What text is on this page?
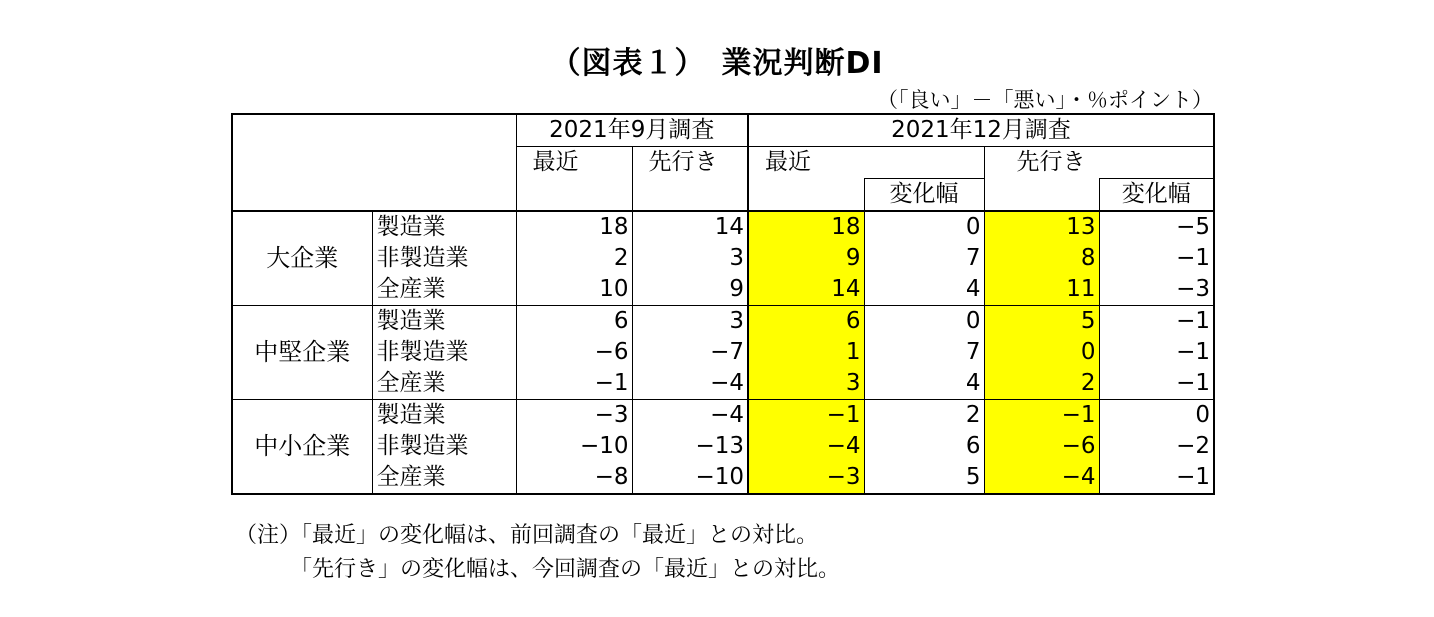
（図表１）　業況判断DI
（「良い」－「悪い」・％ポイント）
		2021年9月調査		2021年12月調査			
		最近	先行き	最近		先行き	
					変化幅		変化幅
大企業	製造業	18	14	18	0	13	−5
	非製造業	2	3	9	7	8	−1
	全産業	10	9	14	4	11	−3
中堅企業	製造業	6	3	6	0	5	−1
	非製造業	−6	−7	1	7	0	−1
	全産業	−1	−4	3	4	2	−1
中小企業	製造業	−3	−4	−1	2	−1	0
	非製造業	−10	−13	−4	6	−6	−2
	全産業	−8	−10	−3	5	−4	−1
（注）「最近」の変化幅は、前回調査の「最近」との対比。
「先行き」の変化幅は、今回調査の「最近」との対比。
